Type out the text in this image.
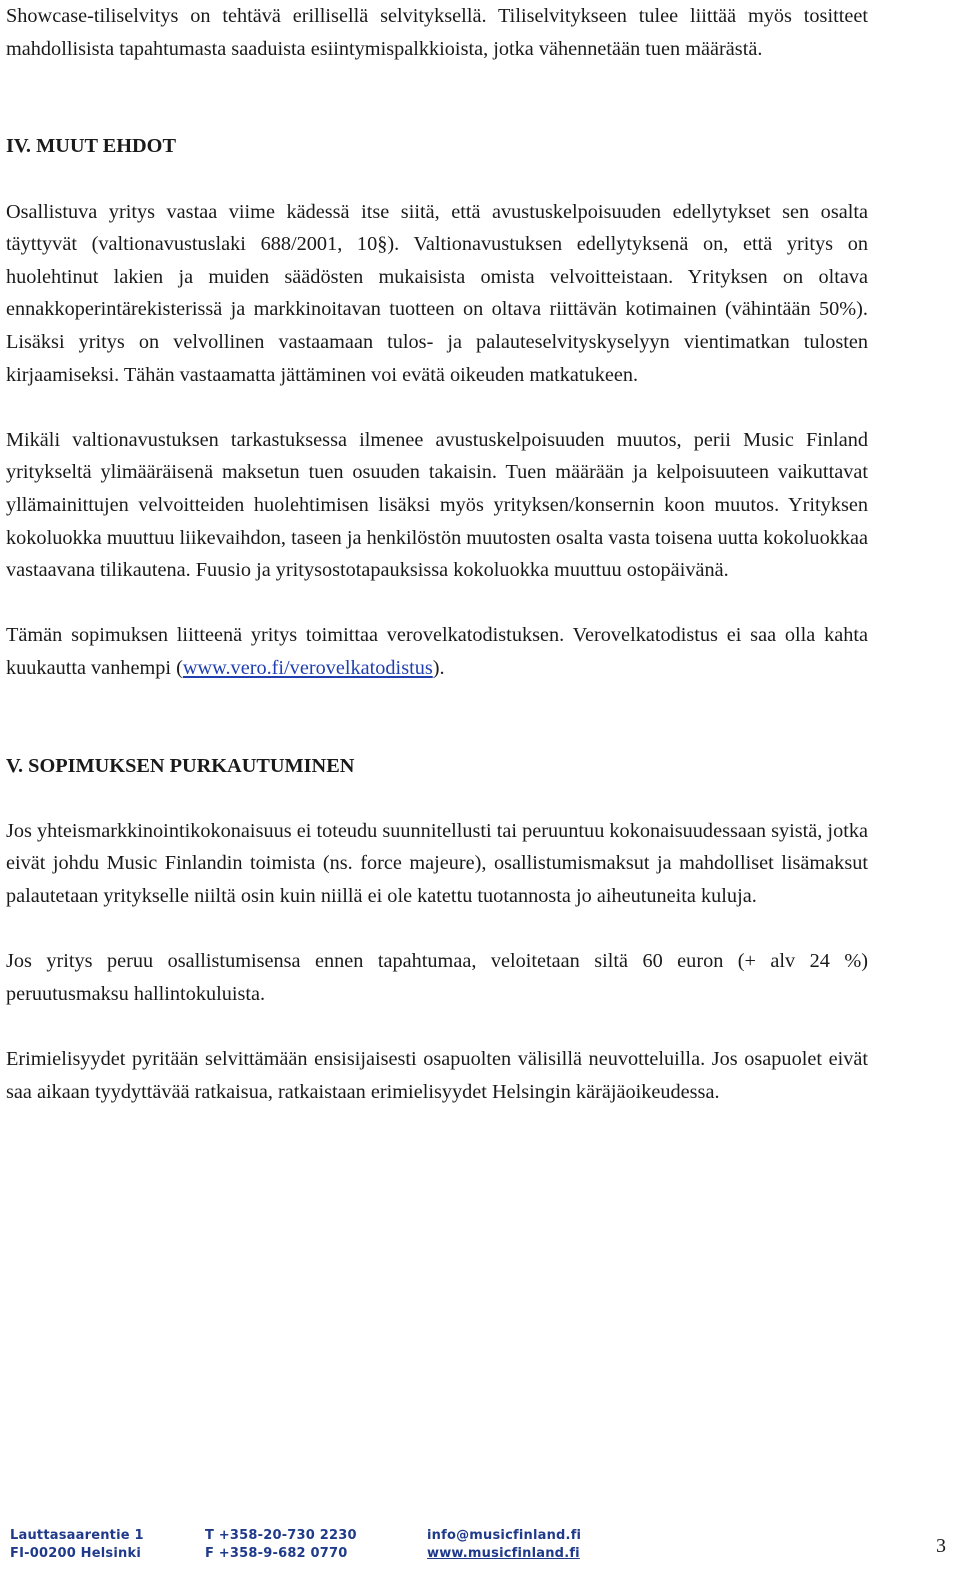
Showcase-tiliselvitys on tehtävä erillisellä selvityksellä. Tiliselvitykseen tulee liittää myös tositteet mahdollisista tapahtumasta saaduista esiintymispalkkioista, jotka vähennetään tuen määrästä.

IV. MUUT EHDOT

Osallistuva yritys vastaa viime kädessä itse siitä, että avustuskelpoisuuden edellytykset sen osalta täyttyvät (valtionavustuslaki 688/2001, 10§). Valtionavustuksen edellytyksenä on, että yritys on huolehtinut lakien ja muiden säädösten mukaisista omista velvoitteistaan. Yrityksen on oltava ennakkoperintärekisterissä ja markkinoitavan tuotteen on oltava riittävän kotimainen (vähintään 50%). Lisäksi yritys on velvollinen vastaamaan tulos- ja palauteselvityskyselyyn vientimatkan tulosten kirjaamiseksi. Tähän vastaamatta jättäminen voi evätä oikeuden matkatukeen.

Mikäli valtionavustuksen tarkastuksessa ilmenee avustuskelpoisuuden muutos, perii Music Finland yritykseltä ylimääräisenä maksetun tuen osuuden takaisin. Tuen määrään ja kelpoisuuteen vaikuttavat yllämainittujen velvoitteiden huolehtimisen lisäksi myös yrityksen/konsernin koon muutos. Yrityksen kokoluokka muuttuu liikevaihdon, taseen ja henkilöstön muutosten osalta vasta toisena uutta kokoluokkaa vastaavana tilikautena. Fuusio ja yritysostotapauksissa kokoluokka muuttuu ostopäivänä.

Tämän sopimuksen liitteenä yritys toimittaa verovelkatodistuksen. Verovelkatodistus ei saa olla kahta kuukautta vanhempi (www.vero.fi/verovelkatodistus).

V. SOPIMUKSEN PURKAUTUMINEN

Jos yhteismarkkinointikokonaisuus ei toteudu suunnitellusti tai peruuntuu kokonaisuudessaan syistä, jotka eivät johdu Music Finlandin toimista (ns. force majeure), osallistumismaksut ja mahdolliset lisämaksut palautetaan yritykselle niiltä osin kuin niillä ei ole katettu tuotannosta jo aiheutuneita kuluja.

Jos yritys peruu osallistumisensa ennen tapahtumaa, veloitetaan siltä 60 euron (+ alv 24 %) peruutusmaksu hallintokuluista.

Erimielisyydet pyritään selvittämään ensisijaisesti osapuolten välisillä neuvotteluilla. Jos osapuolet eivät saa aikaan tyydyttävää ratkaisua, ratkaistaan erimielisyydet Helsingin käräjäoikeudessa.

Lauttasaarentie 1
FI-00200 Helsinki
T +358-20-730 2230
F +358-9-682 0770
info@musicfinland.fi
www.musicfinland.fi	3
